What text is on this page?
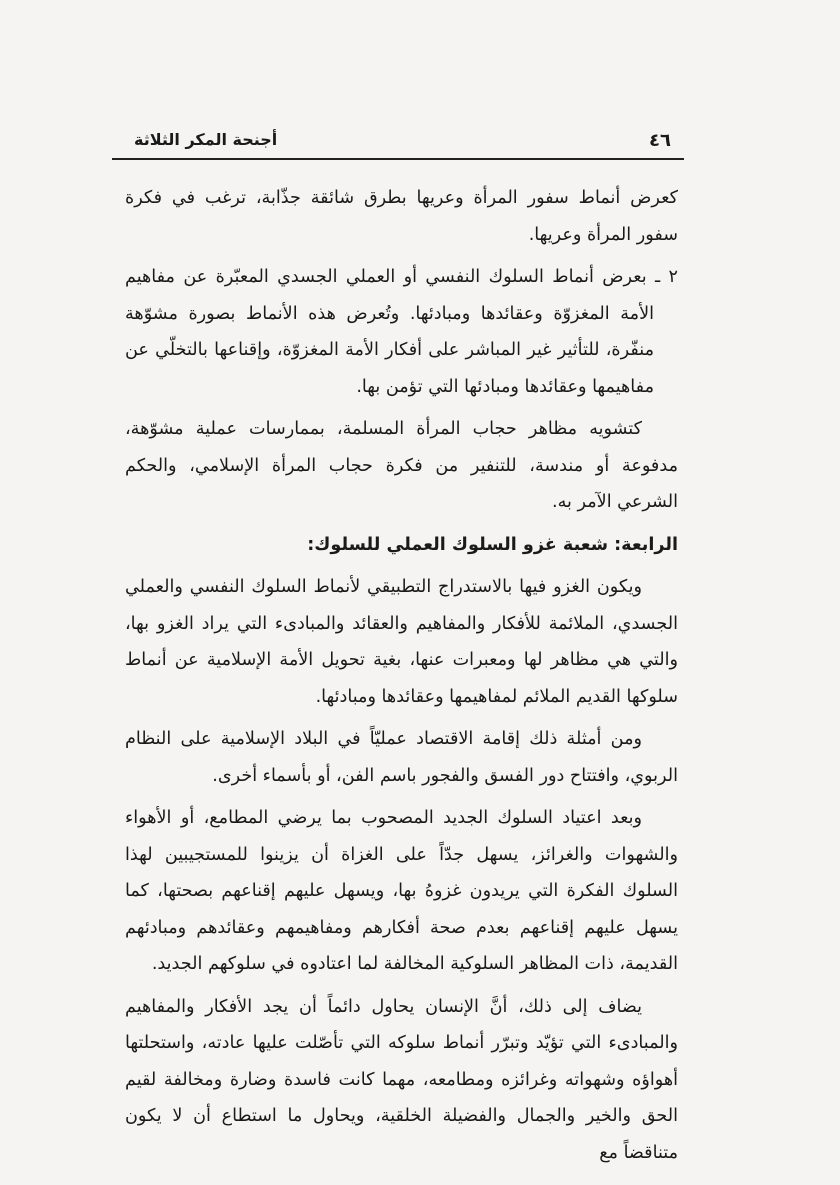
٤٦
أجنحة المكر الثلاثة

كعرض أنماط سفور المرأة وعريها بطرق شائقة جذّابة، ترغب في فكرة سفور المرأة وعريها.

٢ ـ بعرض أنماط السلوك النفسي أو العملي الجسدي المعبّرة عن مفاهيم الأمة المغزوّة وعقائدها ومبادئها. وتُعرض هذه الأنماط بصورة مشوّهة منفّرة، للتأثير غير المباشر على أفكار الأمة المغزوّة، وإقناعها بالتخلّي عن مفاهيمها وعقائدها ومبادئها التي تؤمن بها.

كتشويه مظاهر حجاب المرأة المسلمة، بممارسات عملية مشوّهة، مدفوعة أو مندسة، للتنفير من فكرة حجاب المرأة الإسلامي، والحكم الشرعي الآمر به.

الرابعة: شعبة غزو السلوك العملي للسلوك:

ويكون الغزو فيها بالاستدراج التطبيقي لأنماط السلوك النفسي والعملي الجسدي، الملائمة للأفكار والمفاهيم والعقائد والمبادىء التي يراد الغزو بها، والتي هي مظاهر لها ومعبرات عنها، بغية تحويل الأمة الإسلامية عن أنماط سلوكها القديم الملائم لمفاهيمها وعقائدها ومبادئها.

ومن أمثلة ذلك إقامة الاقتصاد عمليّاً في البلاد الإسلامية على النظام الربوي، وافتتاح دور الفسق والفجور باسم الفن، أو بأسماء أخرى.

وبعد اعتياد السلوك الجديد المصحوب بما يرضي المطامع، أو الأهواء والشهوات والغرائز، يسهل جدّاً على الغزاة أن يزينوا للمستجيبين لهذا السلوك الفكرة التي يريدون غزوهُ بها، ويسهل عليهم إقناعهم بصحتها، كما يسهل عليهم إقناعهم بعدم صحة أفكارهم ومفاهيمهم وعقائدهم ومبادئهم القديمة، ذات المظاهر السلوكية المخالفة لما اعتادوه في سلوكهم الجديد.

يضاف إلى ذلك، أنَّ الإنسان يحاول دائماً أن يجد الأفكار والمفاهيم والمبادىء التي تؤيّد وتبرّر أنماط سلوكه التي تأصّلت عليها عادته، واستحلتها أهواؤه وشهواته وغرائزه ومطامعه، مهما كانت فاسدة وضارة ومخالفة لقيم الحق والخير والجمال والفضيلة الخلقية، ويحاول ما استطاع أن لا يكون متناقضاً مع
